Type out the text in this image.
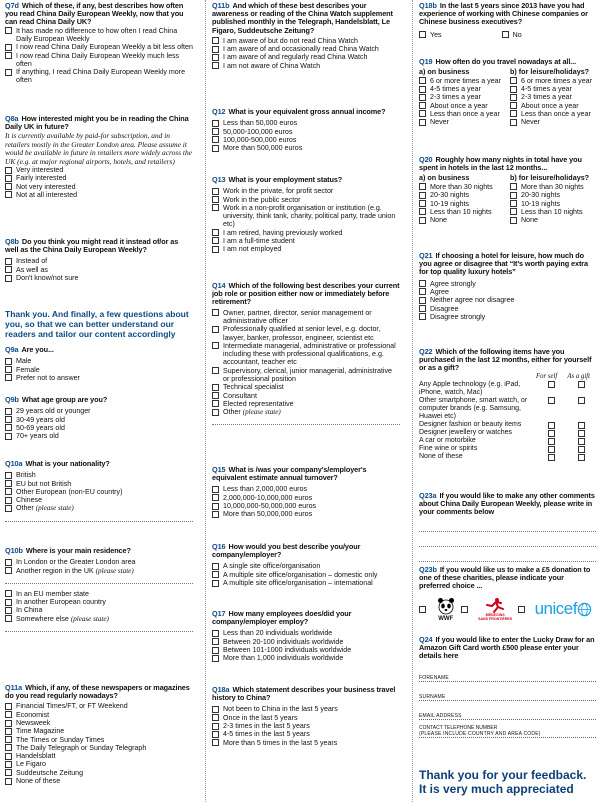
Q7d Which of these, if any, best describes how often you read China Daily European Weekly, now that you can read China Daily UK?
It has made no difference to how often I read China Daily European Weekly
I now read China Daily European Weekly a bit less often
I now read China Daily European Weekly much less often
If anything, I read China Daily European Weekly more often
Q8a How interested might you be in reading the China Daily UK in future?
It is currently available by paid-for subscription, and in retailers mostly in the Greater London area. Please assume it would be available in future in retailers more widely across the UK (e.g. at major regional airports, hotels, and retailers)
Very interested
Fairly interested
Not very interested
Not at all interested
Q8b Do you think you might read it instead of/or as well as the China Daily European Weekly?
Instead of
As well as
Don't know/not sure
Thank you. And finally, a few questions about you, so that we can better understand our readers and tailor our content accordingly
Q9a Are you...
Male
Female
Prefer not to answer
Q9b What age group are you?
29 years old or younger
30-49 years old
50-69 years old
70+ years old
Q10a What is your nationality?
British
EU but not British
Other European (non-EU country)
Chinese
Other (please state)
Q10b Where is your main residence?
In London or the Greater London area
Another region in the UK (please state)
In an EU member state
In another European country
In China
Somewhere else (please state)
Q11a Which, if any, of these newspapers or magazines do you read regularly nowadays?
Financial Times/FT, or FT Weekend
Economist
Newsweek
Time Magazine
The Times or Sunday Times
The Daily Telegraph or Sunday Telegraph
Handelsblatt
Le Figaro
Suddeutsche Zeitung
None of these
Q11b And which of these best describes your awareness or reading of the China Watch supplement published monthly in the Telegraph, Handelsblatt, Le Figaro, Suddeutsche Zeitung?
I am aware of but do not read China Watch
I am aware of and occasionally read China Watch
I am aware of and regularly read China Watch
I am not aware of China Watch
Q12 What is your equivalent gross annual income?
Less than 50,000 euros
50,000-100,000 euros
100,000-500,000 euros
More than 500,000 euros
Q13 What is your employment status?
Work in the private, for profit sector
Work in the public sector
Work in a non-profit organisation or institution (e.g. university, think tank, charity, political party, trade union etc)
I am retired, having previously worked
I am a full-time student
I am not employed
Q14 Which of the following best describes your current job role or position either now or immediately before retirement?
Owner, partner, director, senior management or administrative officer
Professionally qualified at senior level, e.g. doctor, lawyer, banker, professor, engineer, scientist etc
Intermediate managerial, administrative or professional including these with professional qualifications, e.g. accountant, teacher etc
Supervisory, clerical, junior managerial, administrative or professional position
Technical specialist
Consultant
Elected representative
Other (please state)
Q15 What is /was your company's/employer's equivalent estimate annual turnover?
Less than 2,000,000 euros
2,000,000-10,000,000 euros
10,000,000-50,000,000 euros
More than 50,000,000 euros
Q16 How would you best describe you/your company/employer?
A single site office/organisation
A multiple site office/organisation – domestic only
A multiple site office/organisation – international
Q17 How many employees does/did your company/employer employ?
Less than 20 individuals worldwide
Between 20-100 individuals worldwide
Between 101-1000 individuals worldwide
More than 1,000 individuals worldwide
Q18a Which statement describes your business travel history to China?
Not been to China in the last 5 years
Once in the last 5 years
2-3 times in the last 5 years
4-5 times in the last 5 years
More than 5 times in the last 5 years
Q18b In the last 5 years since 2013 have you had experience of working with Chinese companies or Chinese business executives?
Yes	No
Q19 How often do you travel nowadays at all...
a) on business
6 or more times a year
4-5 times a year
2-3 times a year
About once a year
Less than once a year
Never
b) for leisure/holidays?
6 or more times a year
4-5 times a year
2-3 times a year
About once a year
Less than once a year
Never
Q20 Roughly how many nights in total have you spent in hotels in the last 12 months...
a) on business
More than 30 nights
20-30 nights
10-19 nights
Less than 10 nights
None
b) for leisure/holidays?
More than 30 nights
20-30 nights
10-19 nights
Less than 10 nights
None
Q21 If choosing a hotel for leisure, how much do you agree or disagree that “It’s worth paying extra for top quality luxury hotels”
Agree strongly
Agree
Neither agree nor disagree
Disagree
Disagree strongly
Q22 Which of the following items have you purchased in the last 12 months, either for yourself or as a gift?
For self As a gift
Any Apple technology (e.g. iPad, iPhone, watch, Mac)
Other smartphone, smart watch, or computer brands (e.g. Samsung, Huawei etc)
Designer fashion or beauty items
Designer jewellery or watches
A car or motorbike
Fine wine or spirits
None of these
Q23a If you would like to make any other comments about China Daily European Weekly, please write in your comments below
Q23b If you would like us to make a £5 donation to one of these charities, please indicate your preferred choice ...
WWF
MÉDECINS
SANS FRONTIÈRES
unicef
Q24 If you would like to enter the Lucky Draw for an Amazon Gift Card worth £500 please enter your details here
FORENAME
SURNAME
EMAIL ADDRESS
CONTACT TELEPHONE NUMBER
(PLEASE INCLUDE COUNTRY AND AREA CODE)
Thank you for your feedback.
It is very much appreciated
